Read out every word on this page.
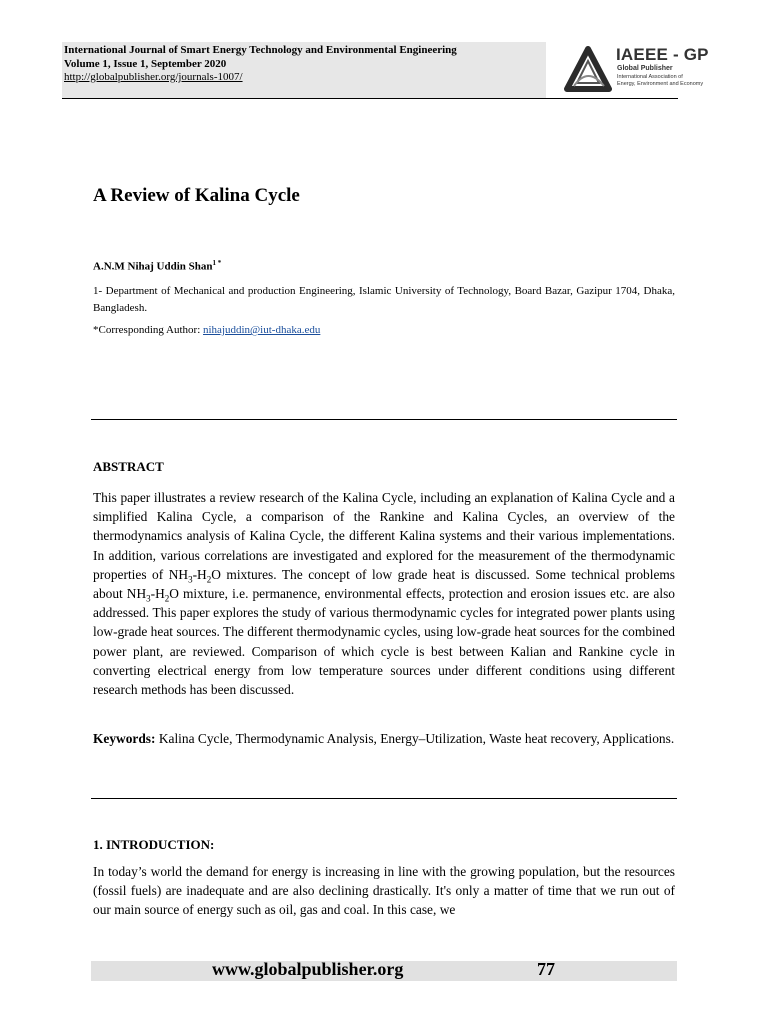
International Journal of Smart Energy Technology and Environmental Engineering
Volume 1, Issue 1, September 2020
http://globalpublisher.org/journals-1007/
IAEEE - GP
Global Publisher
International Association of
Energy, Environment and Economy
A Review of Kalina Cycle
A.N.M Nihaj Uddin Shan$^{1 *}$
1- Department of Mechanical and production Engineering, Islamic University of Technology, Board Bazar, Gazipur 1704, Dhaka, Bangladesh.
*Corresponding Author: nihajuddin@iut-dhaka.edu
ABSTRACT
This paper illustrates a review research of the Kalina Cycle, including an explanation of Kalina Cycle and a simplified Kalina Cycle, a comparison of the Rankine and Kalina Cycles, an overview of the thermodynamics analysis of Kalina Cycle, the different Kalina systems and their various implementations. In addition, various correlations are investigated and explored for the measurement of the thermodynamic properties of $NH_3-H_2O$ mixtures. The concept of low grade heat is discussed. Some technical problems about $NH_3-H_2O$ mixture, i.e. permanence, environmental effects, protection and erosion issues etc. are also addressed. This paper explores the study of various thermodynamic cycles for integrated power plants using low-grade heat sources. The different thermodynamic cycles, using low-grade heat sources for the combined power plant, are reviewed. Comparison of which cycle is best between Kalian and Rankine cycle in converting electrical energy from low temperature sources under different conditions using different research methods has been discussed.
Keywords: Kalina Cycle, Thermodynamic Analysis, Energy–Utilization, Waste heat recovery, Applications.
1. INTRODUCTION:
In today’s world the demand for energy is increasing in line with the growing population, but the resources (fossil fuels) are inadequate and are also declining drastically. It's only a matter of time that we run out of our main source of energy such as oil, gas and coal. In this case, we
www.globalpublisher.org	77
